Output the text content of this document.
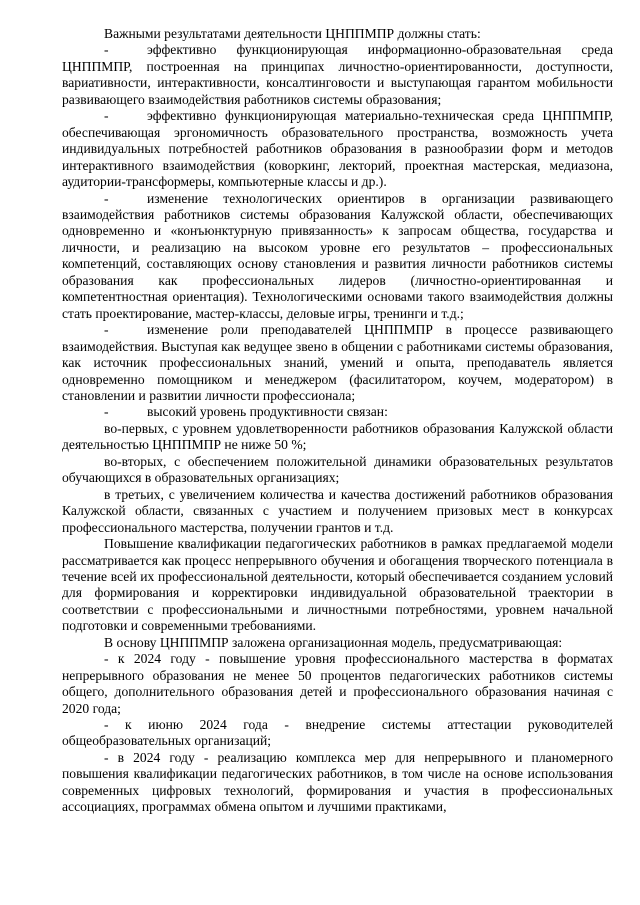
Важными результатами деятельности ЦНППМПР должны стать:

-	эффективно функционирующая информационно-образовательная среда ЦНППМПР, построенная на принципах личностно-ориентированности, доступности, вариативности, интерактивности, консалтинговости и выступающая гарантом мобильности развивающего взаимодействия работников системы образования;

-	эффективно функционирующая материально-техническая среда ЦНППМПР, обеспечивающая эргономичность образовательного пространства, возможность учета индивидуальных потребностей работников образования в разнообразии форм и методов интерактивного взаимодействия (коворкинг, лекторий, проектная мастерская, медиазона, аудитории-трансформеры, компьютерные классы и др.).

-	изменение технологических ориентиров в организации развивающего взаимодействия работников системы образования Калужской области, обеспечивающих одновременно и «конъюнктурную привязанность» к запросам общества, государства и личности, и реализацию на высоком уровне его результатов – профессиональных компетенций, составляющих основу становления и развития личности работников системы образования как профессиональных лидеров (личностно-ориентированная и компетентностная ориентация). Технологическими основами такого взаимодействия должны стать проектирование, мастер-классы, деловые игры, тренинги и т.д.;

-	изменение роли преподавателей ЦНППМПР в процессе развивающего взаимодействия. Выступая как ведущее звено в общении с работниками системы образования, как источник профессиональных знаний, умений и опыта, преподаватель является одновременно помощником и менеджером (фасилитатором, коучем, модератором) в становлении и развитии личности профессионала;

-	высокий уровень продуктивности связан:

во-первых, с уровнем удовлетворенности работников образования Калужской области деятельностью ЦНППМПР не ниже 50 %;

во-вторых, с обеспечением положительной динамики образовательных результатов обучающихся в образовательных организациях;

в третьих, с увеличением количества и качества достижений работников образования Калужской области, связанных с участием и получением призовых мест в конкурсах профессионального мастерства, получении грантов и т.д.

Повышение квалификации педагогических работников в рамках предлагаемой модели рассматривается как процесс непрерывного обучения и обогащения творческого потенциала в течение всей их профессиональной деятельности, который обеспечивается созданием условий для формирования и корректировки индивидуальной образовательной траектории в соответствии с профессиональными и личностными потребностями, уровнем начальной подготовки и современными требованиями.

В основу ЦНППМПР заложена организационная модель, предусматривающая:

- к 2024 году - повышение уровня профессионального мастерства в форматах непрерывного образования не менее 50 процентов педагогических работников системы общего, дополнительного образования детей и профессионального образования начиная с 2020 года;

- к июню 2024 года - внедрение системы аттестации руководителей общеобразовательных организаций;

- в 2024 году - реализацию комплекса мер для непрерывного и планомерного повышения квалификации педагогических работников, в том числе на основе использования современных цифровых технологий, формирования и участия в профессиональных ассоциациях, программах обмена опытом и лучшими практиками,
